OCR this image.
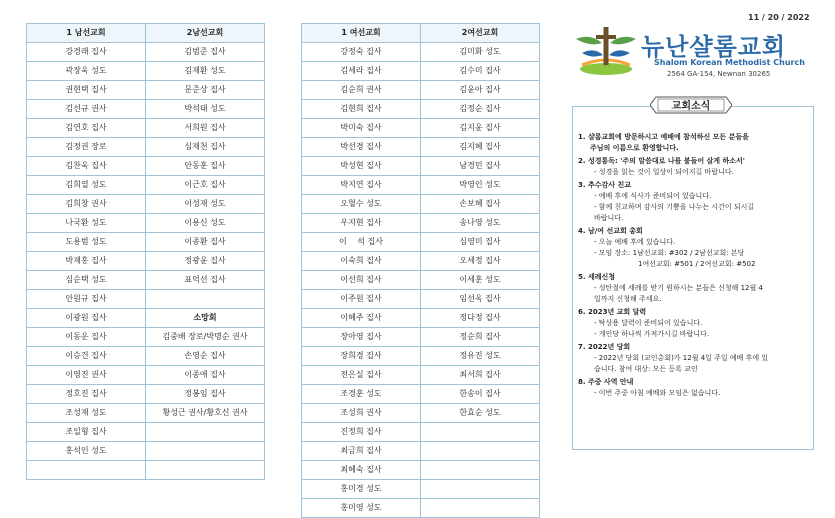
1 남선교회	2남선교회
강경래 집사	김범준 집사
곽장욱 성도	김재환 성도
권현택 집사	문준상 집사
김선규 권사	박석태 성도
김연호 집사	서희원 집사
김정권 장로	심재천 집사
김찬욱 집사	안동훈 집사
김희열 성도	이근호 집사
김희창 권사	이성재 성도
나국환 성도	이용신 성도
도용범 성도	이종환 집사
박재홍 집사	정광윤 집사
심순택 성도	표억선 집사
안원규 집사	
이광원 집사	소망회
이동운 집사	김중배 장로/박명순 권사
이승건 집사	손영순 집사
이영진 권사	이종애 집사
정호진 집사	정봉임 집사
조성재 성도	황성근 권사/황호신 권사
조일형 집사	
홍석인 성도	

1 여선교회	2여선교회
강정숙 집사	김미화 성도
김세라 집사	김수미 집사
김순희 권사	김윤아 집사
김현희 집사	김정순 집사
박미숙 집사	김지윤 집사
박선경 집사	김지혜 집사
박성현 집사	남경민 집사
박지연 집사	박영인 성도
오혈수 성도	손보혜 집사
우지현 집사	송나영 성도
이 　석 집사	심영미 집사
이숙희 집사	오세정 집사
이선희 집사	이세훈 성도
이주원 집사	임선옥 집사
이혜주 집사	정다정 집사
장아영 집사	정순희 집사
장희경 집사	정유진 성도
전은실 집사	최서희 집사
조경훈 성도	한송이 집사
조성희 권사	한효순 성도
진정희 집사	
최금희 집사	
최혜숙 집사	
홍미경 성도	
홍미영 성도	
11 / 20 / 2022
뉴난샬롬교회
Shalom Korean Methodist Church
2564 GA-154, Newnan 30265
교회소식
1. 샬롬교회에 방문하시고 예배에 참석하신 모든 분들을
주님의 이름으로 환영합니다.
2. 성경통독: '주의 말씀대로 나를 붙들어 살게 하소서'
- 성경을 읽는 것이 일상이 되어지길 바랍니다.
3. 추수감사 친교
- 예배 후에 식사가 준비되어 있습니다.
- 함께 친교하며 감사의 기쁨을 나누는 시간이 되시길
바랍니다.
4. 남/여 선교회 총회
- 오늘 예배 후에 있습니다.
- 모임 장소: 1남선교회: #302 / 2남선교회: 본당
1여선교회: #501 / 2여선교회: #502
5. 세례신청
- 성탄절에 세례를 받기 원하시는 분들은 신청해 12월 4
일까지 신청해 주세요.
6. 2023년 교회 달력
- 탁상용 달력이 준비되어 있습니다.
- 개인당 하나씩 가져가시길 바랍니다.
7. 2022년 당회
- 2022년 당회 (교인총회)가 12월 4일 주일 예배 후에 있
습니다. 참여 대상: 모든 등록 교인
8. 주중 사역 안내
- 이번 주중 아침 예배와 모임은 없습니다.
